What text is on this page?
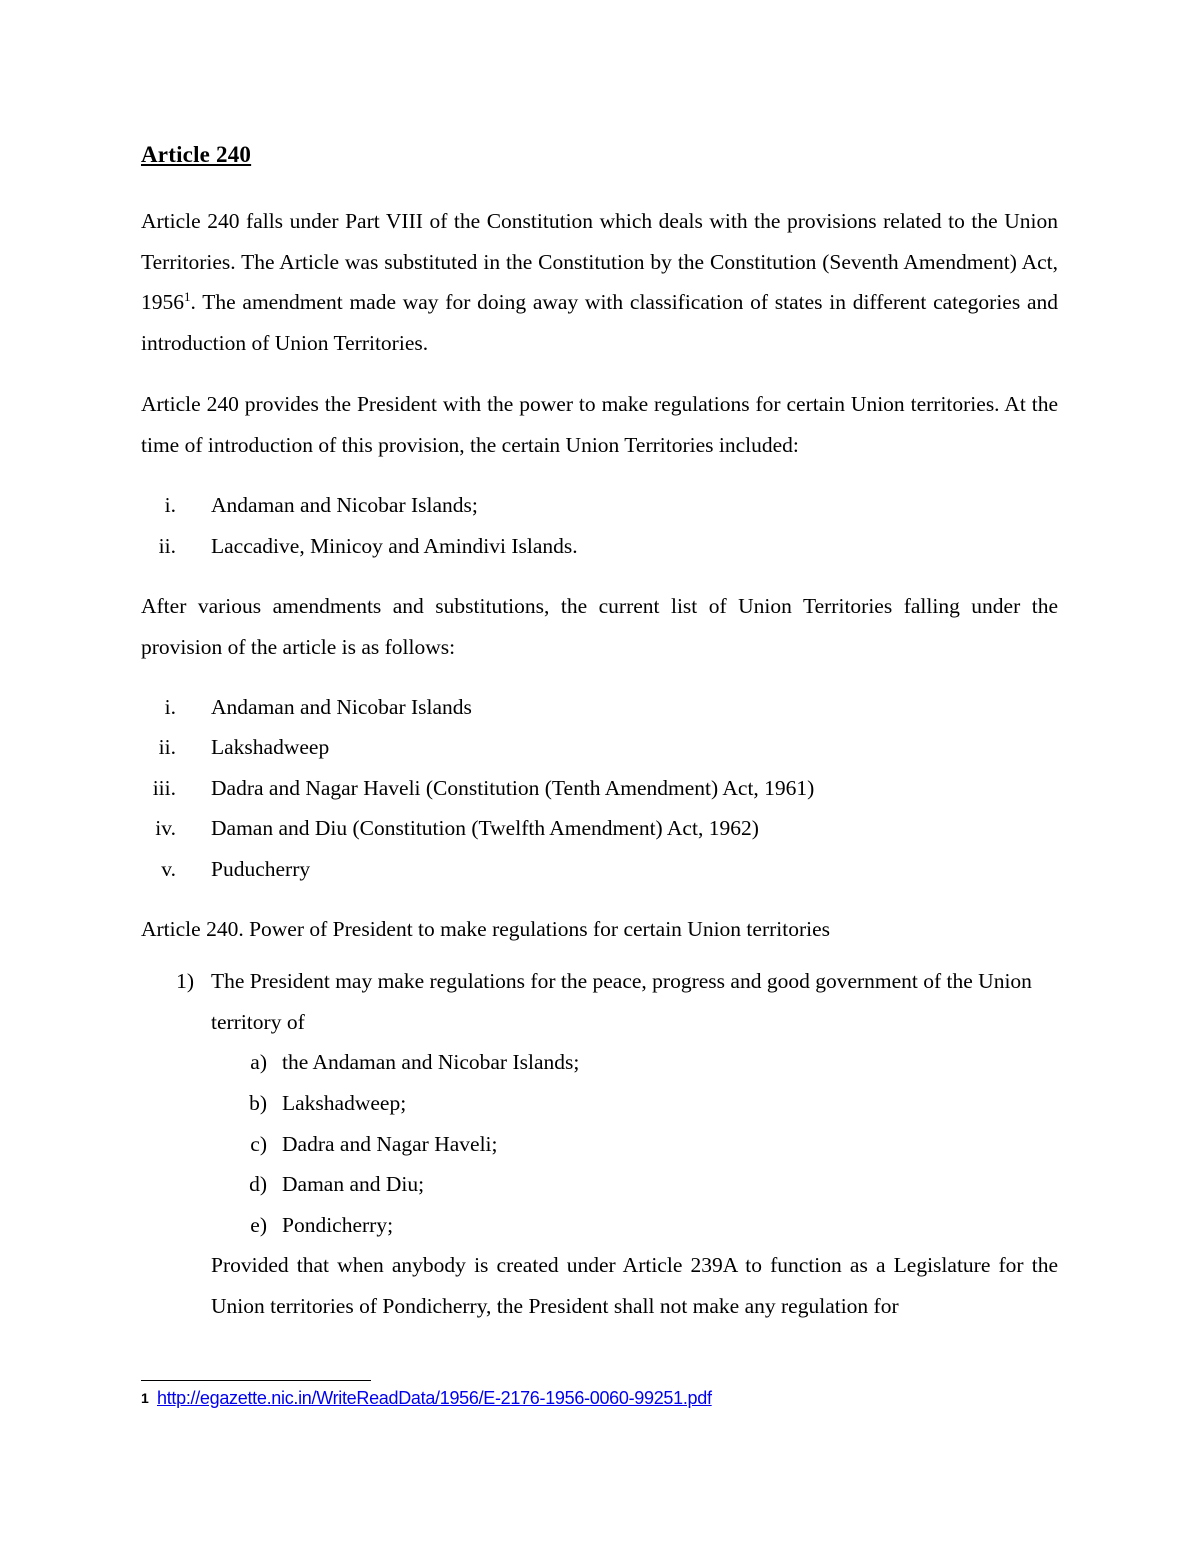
Article 240

Article 240 falls under Part VIII of the Constitution which deals with the provisions related to the Union Territories. The Article was substituted in the Constitution by the Constitution (Seventh Amendment) Act, 1956$^1$. The amendment made way for doing away with classification of states in different categories and introduction of Union Territories.

Article 240 provides the President with the power to make regulations for certain Union territories. At the time of introduction of this provision, the certain Union Territories included:

i. Andaman and Nicobar Islands;
ii. Laccadive, Minicoy and Amindivi Islands.

After various amendments and substitutions, the current list of Union Territories falling under the provision of the article is as follows:

i. Andaman and Nicobar Islands
ii. Lakshadweep
iii. Dadra and Nagar Haveli (Constitution (Tenth Amendment) Act, 1961)
iv. Daman and Diu (Constitution (Twelfth Amendment) Act, 1962)
v. Puducherry
Article 240. Power of President to make regulations for certain Union territories
1) The President may make regulations for the peace, progress and good government of the Union territory of

a) the Andaman and Nicobar Islands;
b) Lakshadweep;
c) Dadra and Nagar Haveli;
d) Daman and Diu;
e) Pondicherry;

Provided that when anybody is created under Article 239A to function as a Legislature for the Union territories of Pondicherry, the President shall not make any regulation for

1 http://egazette.nic.in/WriteReadData/1956/E-2176-1956-0060-99251.pdf
